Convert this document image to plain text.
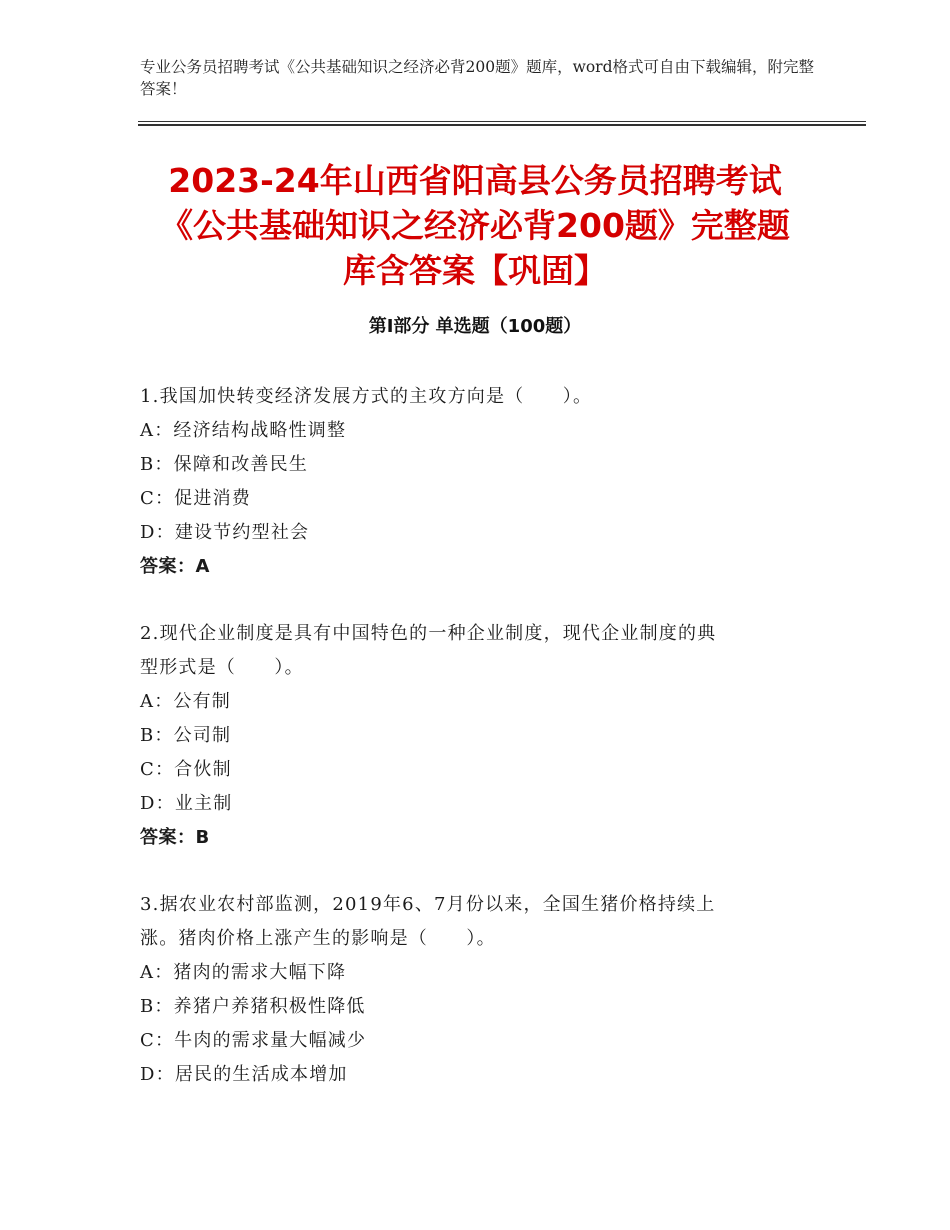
专业公务员招聘考试《公共基础知识之经济必背200题》题库，word格式可自由下载编辑，附完整答案！
2023-24年山西省阳高县公务员招聘考试
《公共基础知识之经济必背200题》完整题
库含答案【巩固】
第Ⅰ部分 单选题（100题）
1.我国加快转变经济发展方式的主攻方向是（　　）。
A：经济结构战略性调整
B：保障和改善民生
C：促进消费
D：建设节约型社会
答案：A
2.现代企业制度是具有中国特色的一种企业制度，现代企业制度的典
型形式是（　　）。
A：公有制
B：公司制
C：合伙制
D：业主制
答案：B
3.据农业农村部监测，2019年6、7月份以来，全国生猪价格持续上
涨。猪肉价格上涨产生的影响是（　　）。
A：猪肉的需求大幅下降
B：养猪户养猪积极性降低
C：牛肉的需求量大幅减少
D：居民的生活成本增加
